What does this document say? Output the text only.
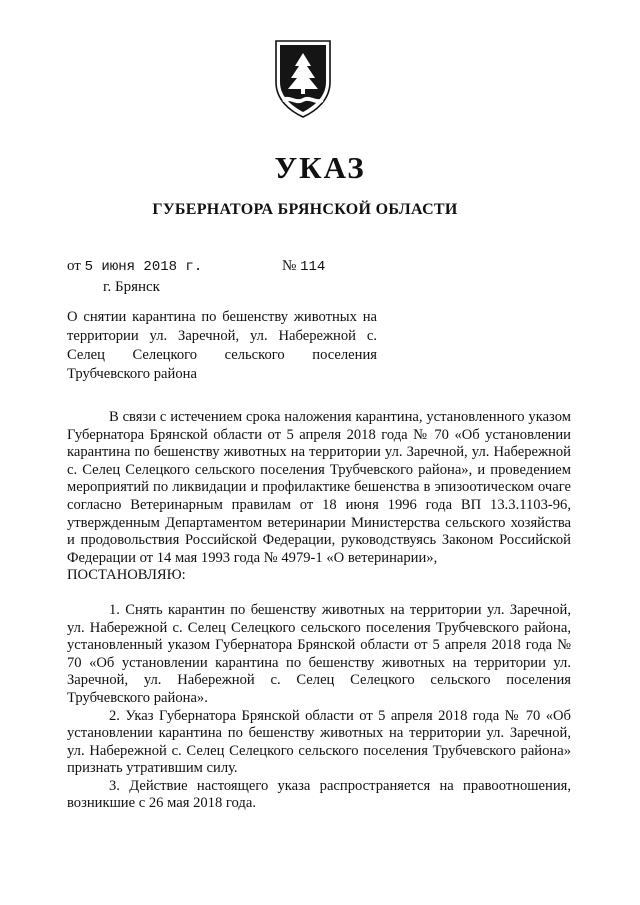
УКАЗ
ГУБЕРНАТОРА БРЯНСКОЙ ОБЛАСТИ
от 5 июня 2018 г.	№ 114
г. Брянск
О снятии карантина по бешенству животных на территории ул. Заречной, ул. Набережной с. Селец Селецкого сельского поселения Трубчевского района

В связи с истечением срока наложения карантина, установленного указом Губернатора Брянской области от 5 апреля 2018 года № 70 «Об установлении карантина по бешенству животных на территории ул. Заречной, ул. Набережной с. Селец Селецкого сельского поселения Трубчевского района», и проведением мероприятий по ликвидации и профилактике бешенства в эпизоотическом очаге согласно Ветеринарным правилам от 18 июня 1996 года ВП 13.3.1103-96, утвержденным Департаментом ветеринарии Министерства сельского хозяйства и продовольствия Российской Федерации, руководствуясь Законом Российской Федерации от 14 мая 1993 года № 4979-1 «О ветеринарии»,

ПОСТАНОВЛЯЮ:

1. Снять карантин по бешенству животных на территории ул. Заречной, ул. Набережной с. Селец Селецкого сельского поселения Трубчевского района, установленный указом Губернатора Брянской области от 5 апреля 2018 года № 70 «Об установлении карантина по бешенству животных на территории ул. Заречной, ул. Набережной с. Селец Селецкого сельского поселения Трубчевского района».

2. Указ Губернатора Брянской области от 5 апреля 2018 года № 70 «Об установлении карантина по бешенству животных на территории ул. Заречной, ул. Набережной с. Селец Селецкого сельского поселения Трубчевского района» признать утратившим силу.

3. Действие настоящего указа распространяется на правоотношения, возникшие с 26 мая 2018 года.
